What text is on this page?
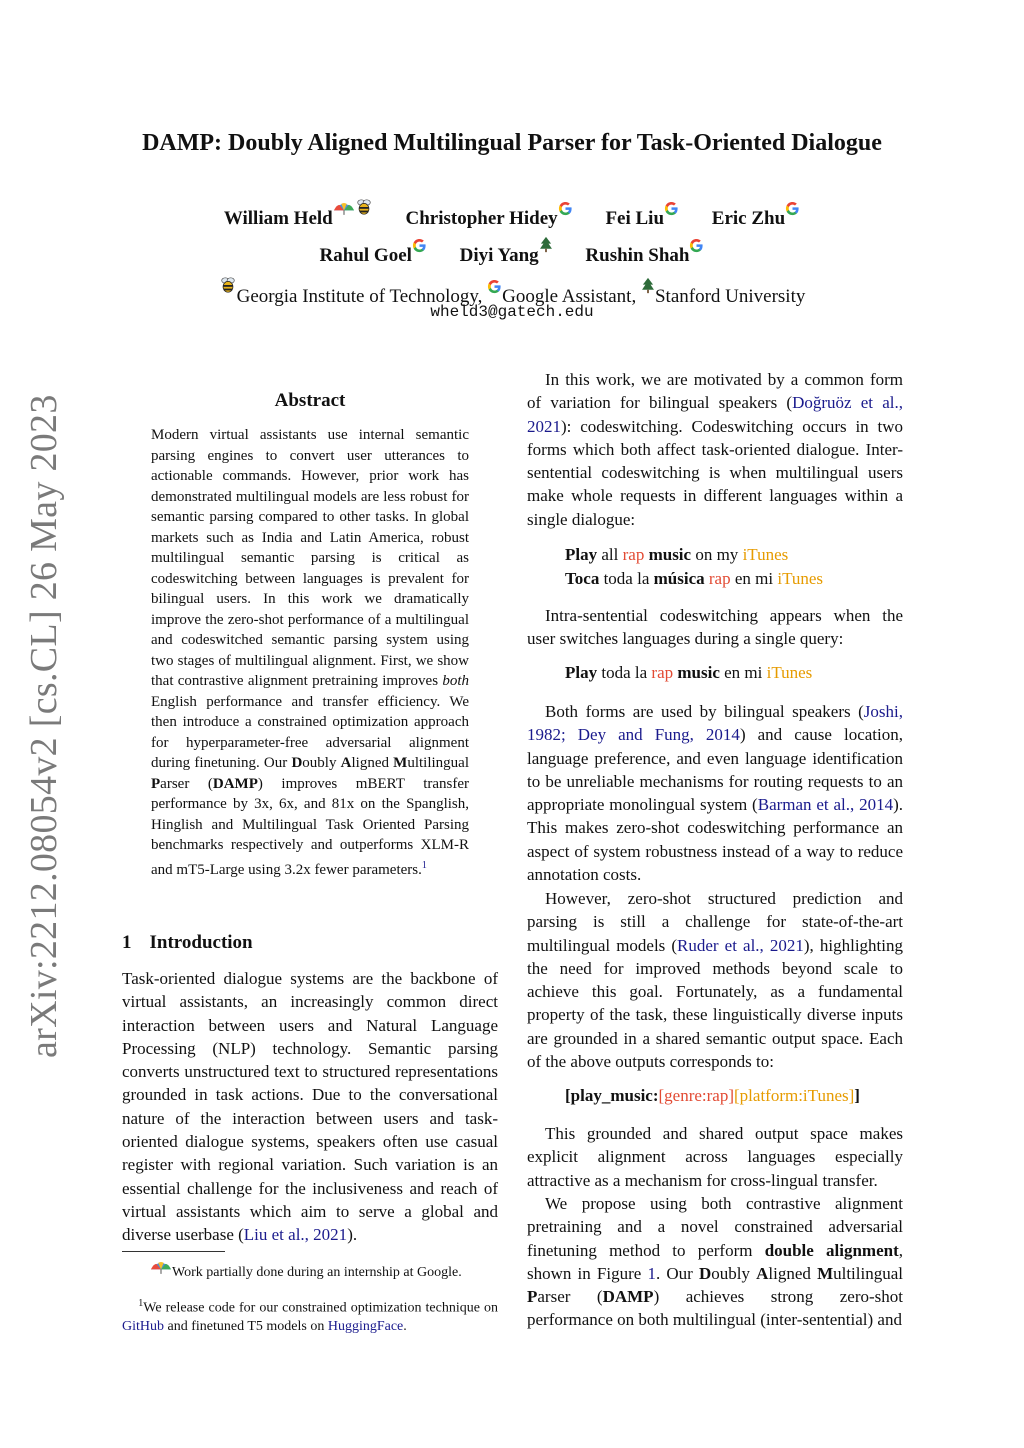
arXiv:2212.08054v2 [cs.CL] 26 May 2023
DAMP: Doubly Aligned Multilingual Parser for Task-Oriented Dialogue
William Held	Christopher Hidey	Fei Liu	Eric Zhu
Rahul Goel	Diyi Yang Rushin Shah
Georgia Institute of Technology, Google Assistant, Stanford University
wheld3@gatech.edu
Abstract
Modern virtual assistants use internal semantic parsing engines to convert user utterances to actionable commands. However, prior work has demonstrated multilingual models are less robust for semantic parsing compared to other tasks. In global markets such as India and Latin America, robust multilingual semantic parsing is critical as codeswitching between languages is prevalent for bilingual users. In this work we dramatically improve the zero-shot performance of a multilingual and codeswitched semantic parsing system using two stages of multilingual alignment. First, we show that contrastive alignment pretraining improves both English performance and transfer efficiency. We then introduce a constrained optimization approach for hyperparameter-free adversarial alignment during finetuning. Our Doubly Aligned Multilingual Parser (DAMP) improves mBERT transfer performance by 3x, 6x, and 81x on the Spanglish, Hinglish and Multilingual Task Oriented Parsing benchmarks respectively and outperforms XLM-R and mT5-Large using 3.2x fewer parameters.$^1$
1 Introduction
Task-oriented dialogue systems are the backbone of virtual assistants, an increasingly common direct interaction between users and Natural Language Processing (NLP) technology. Semantic parsing converts unstructured text to structured representations grounded in task actions. Due to the conversational nature of the interaction between users and task-oriented dialogue systems, speakers often use casual register with regional variation. Such variation is an essential challenge for the inclusiveness and reach of virtual assistants which aim to serve a global and diverse userbase (Liu et al., 2021).
Work partially done during an internship at Google.
$^1$We release code for our constrained optimization technique on GitHub and finetuned T5 models on HuggingFace.
In this work, we are motivated by a common form of variation for bilingual speakers (Doğruöz et al., 2021): codeswitching. Codeswitching occurs in two forms which both affect task-oriented dialogue. Inter-sentential codeswitching is when multilingual users make whole requests in different languages within a single dialogue:
Play all rap music on my iTunes
Toca toda la música rap en mi iTunes
Intra-sentential codeswitching appears when the user switches languages during a single query:
Play toda la rap music en mi iTunes
Both forms are used by bilingual speakers (Joshi, 1982; Dey and Fung, 2014) and cause location, language preference, and even language identification to be unreliable mechanisms for routing requests to an appropriate monolingual system (Barman et al., 2014). This makes zero-shot codeswitching performance an aspect of system robustness instead of a way to reduce annotation costs.
However, zero-shot structured prediction and parsing is still a challenge for state-of-the-art multilingual models (Ruder et al., 2021), highlighting the need for improved methods beyond scale to achieve this goal. Fortunately, as a fundamental property of the task, these linguistically diverse inputs are grounded in a shared semantic output space. Each of the above outputs corresponds to:
[play_music:[genre:rap][platform:iTunes]]
This grounded and shared output space makes explicit alignment across languages especially attractive as a mechanism for cross-lingual transfer.
We propose using both contrastive alignment pretraining and a novel constrained adversarial finetuning method to perform double alignment, shown in Figure 1. Our Doubly Aligned Multilingual Parser (DAMP) achieves strong zero-shot performance on both multilingual (inter-sentential) and
